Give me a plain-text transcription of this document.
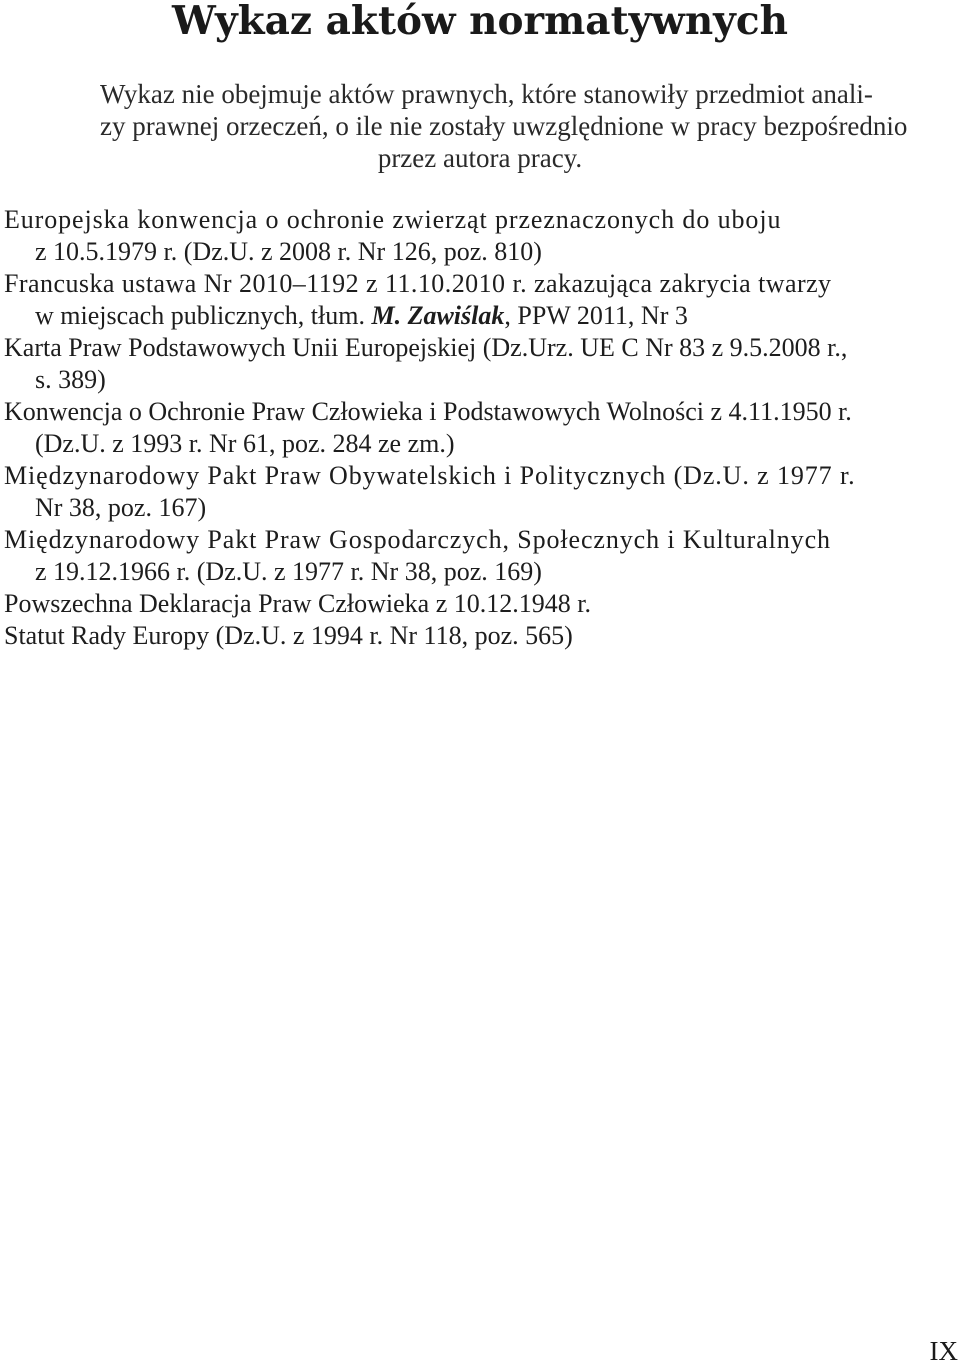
Wykaz aktów normatywnych
Wykaz nie obejmuje aktów prawnych, które stanowiły przedmiot anali-
zy prawnej orzeczeń, o ile nie zostały uwzględnione w pracy bezpośrednio
przez autora pracy.
Europejska konwencja o ochronie zwierząt przeznaczonych do uboju
z 10.5.1979 r. (Dz.U. z 2008 r. Nr 126, poz. 810)
Francuska ustawa Nr 2010–1192 z 11.10.2010 r. zakazująca zakrycia twarzy
w miejscach publicznych, tłum. M. Zawiślak, PPW 2011, Nr 3
Karta Praw Podstawowych Unii Europejskiej (Dz.Urz. UE C Nr 83 z 9.5.2008 r.,
s. 389)
Konwencja o Ochronie Praw Człowieka i Podstawowych Wolności z 4.11.1950 r.
(Dz.U. z 1993 r. Nr 61, poz. 284 ze zm.)
Międzynarodowy Pakt Praw Obywatelskich i Politycznych (Dz.U. z 1977 r.
Nr 38, poz. 167)
Międzynarodowy Pakt Praw Gospodarczych, Społecznych i Kulturalnych
z 19.12.1966 r. (Dz.U. z 1977 r. Nr 38, poz. 169)
Powszechna Deklaracja Praw Człowieka z 10.12.1948 r.
Statut Rady Europy (Dz.U. z 1994 r. Nr 118, poz. 565)
IX
